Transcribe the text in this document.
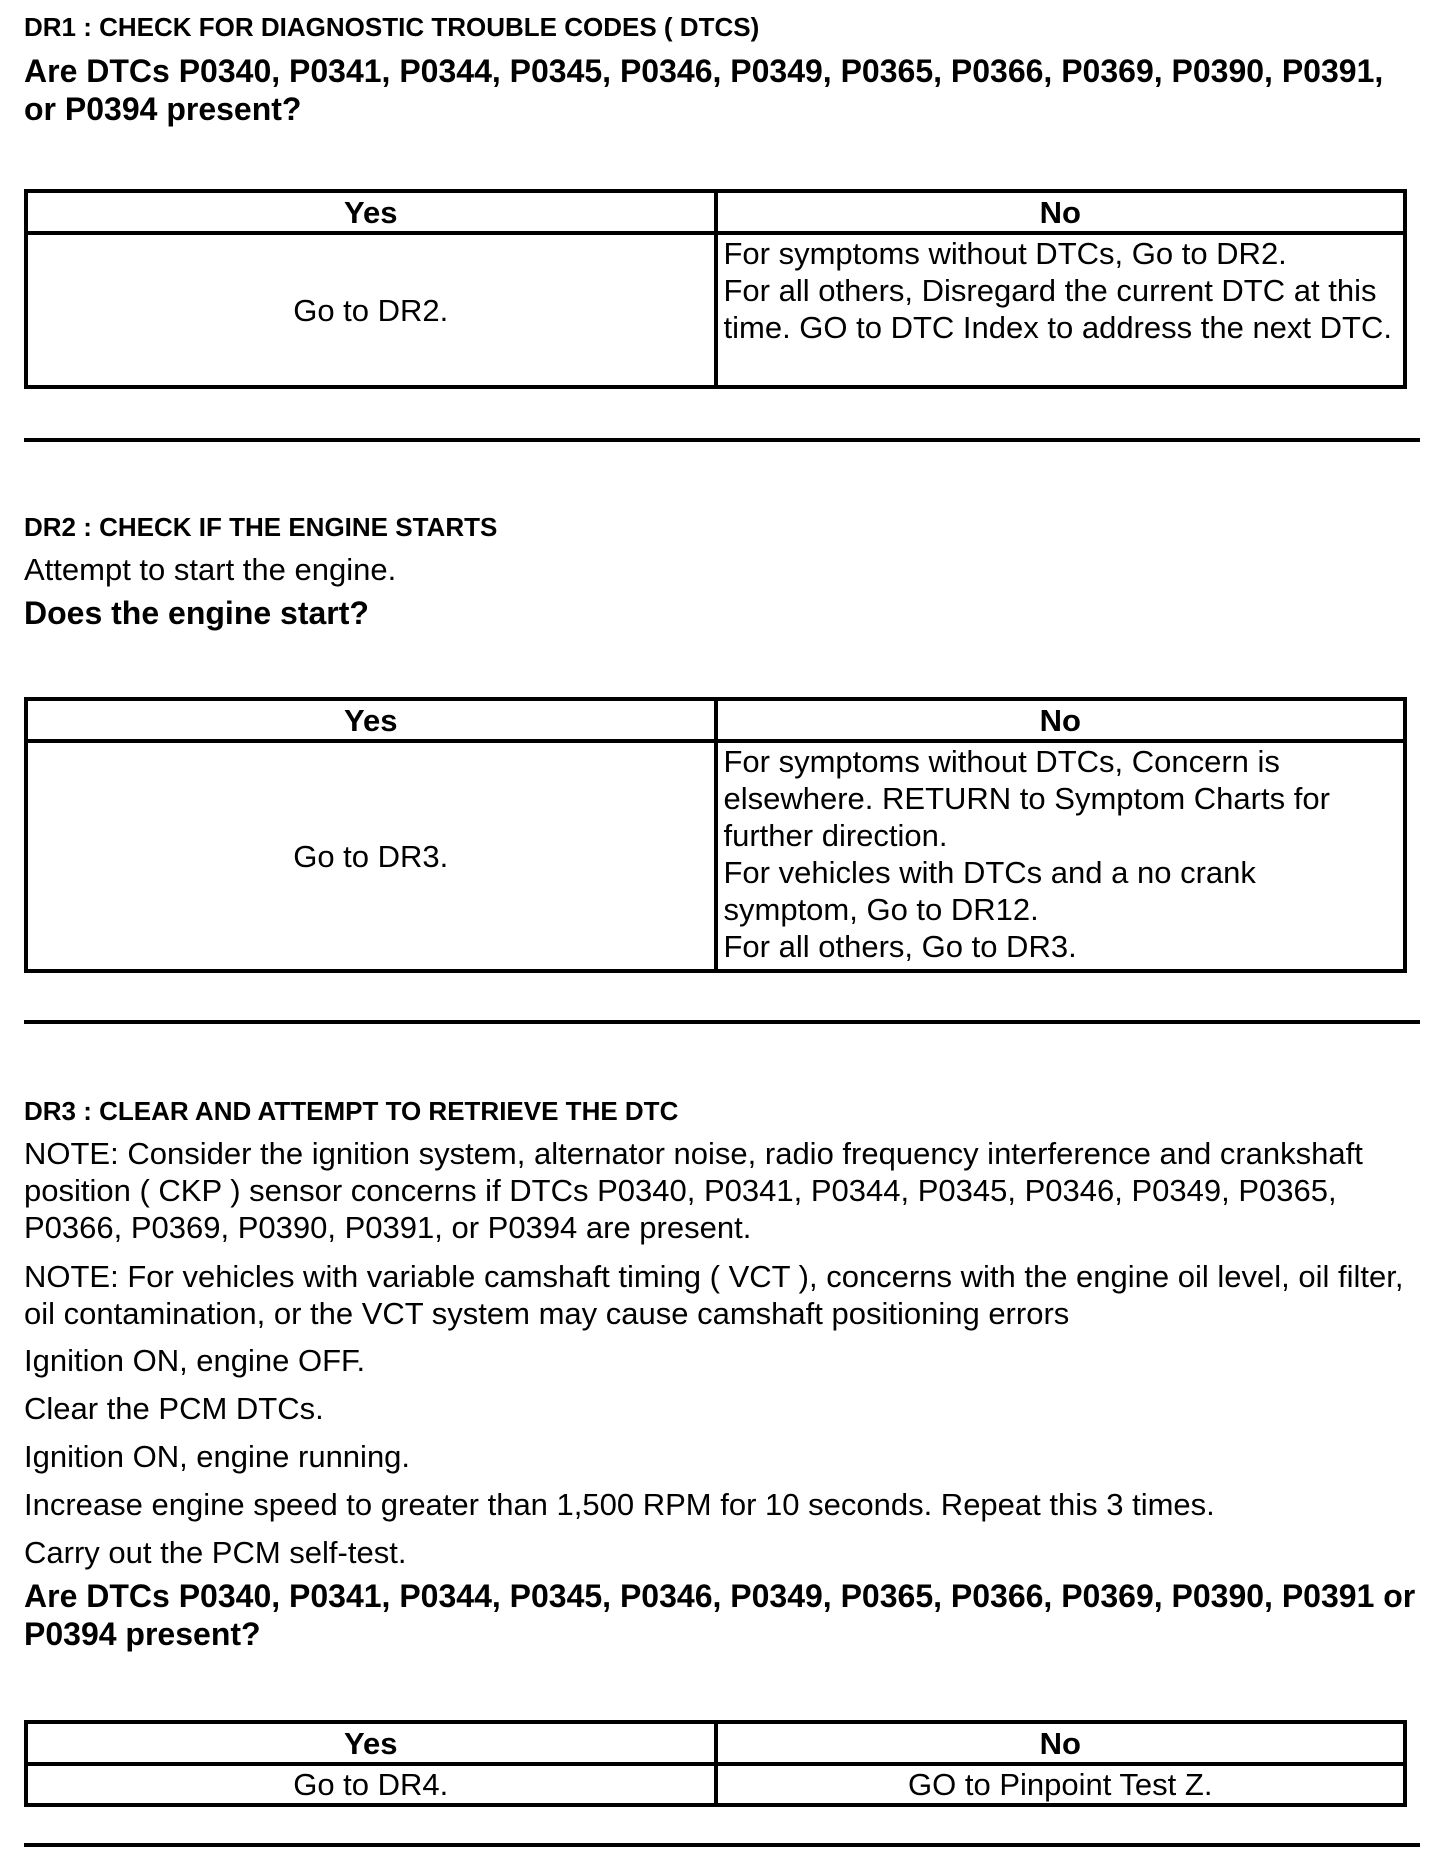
DR1 : CHECK FOR DIAGNOSTIC TROUBLE CODES ( DTCS)

Are DTCs P0340, P0341, P0344, P0345, P0346, P0349, P0365, P0366, P0369, P0390, P0391, or P0394 present?

Yes	No
Go to DR2.	For symptoms without DTCs, Go to DR2.
For all others, Disregard the current DTC at this time. GO to DTC Index to address the next DTC.

DR2 : CHECK IF THE ENGINE STARTS

Attempt to start the engine.

Does the engine start?

Yes	No
Go to DR3.	For symptoms without DTCs, Concern is elsewhere. RETURN to Symptom Charts for further direction.
For vehicles with DTCs and a no crank symptom, Go to DR12.
For all others, Go to DR3.

DR3 : CLEAR AND ATTEMPT TO RETRIEVE THE DTC

NOTE: Consider the ignition system, alternator noise, radio frequency interference and crankshaft position ( CKP ) sensor concerns if DTCs P0340, P0341, P0344, P0345, P0346, P0349, P0365, P0366, P0369, P0390, P0391, or P0394 are present.

NOTE: For vehicles with variable camshaft timing ( VCT ), concerns with the engine oil level, oil filter, oil contamination, or the VCT system may cause camshaft positioning errors

Ignition ON, engine OFF.

Clear the PCM DTCs.

Ignition ON, engine running.

Increase engine speed to greater than 1,500 RPM for 10 seconds. Repeat this 3 times.

Carry out the PCM self-test.

Are DTCs P0340, P0341, P0344, P0345, P0346, P0349, P0365, P0366, P0369, P0390, P0391 or P0394 present?

Yes	No
Go to DR4.	GO to Pinpoint Test Z.
